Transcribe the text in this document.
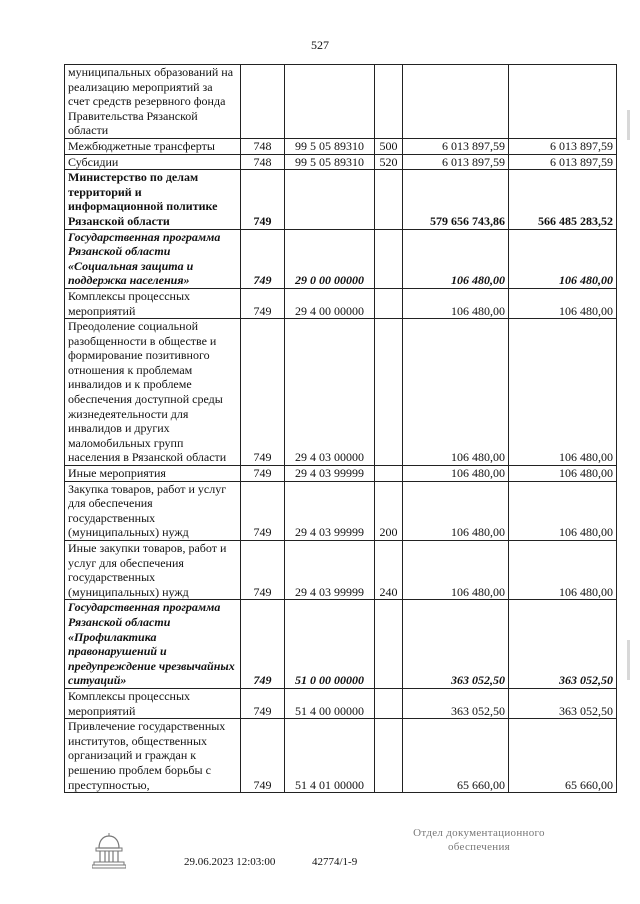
527
муниципальных образований на реализацию мероприятий за счет средств резервного фонда Правительства Рязанской области					
Межбюджетные трансферты	748	99 5 05 89310	500	6 013 897,59	6 013 897,59
Субсидии	748	99 5 05 89310	520	6 013 897,59	6 013 897,59
Министерство по делам территорий и информационной политике Рязанской области	749			579 656 743,86	566 485 283,52
Государственная программа Рязанской области «Социальная защита и поддержка населения»	749	29 0 00 00000		106 480,00	106 480,00
Комплексы процессных мероприятий	749	29 4 00 00000		106 480,00	106 480,00
Преодоление социальной разобщенности в обществе и формирование позитивного отношения к проблемам инвалидов и к проблеме обеспечения доступной среды жизнедеятельности для инвалидов и других маломобильных групп населения в Рязанской области	749	29 4 03 00000		106 480,00	106 480,00
Иные мероприятия	749	29 4 03 99999		106 480,00	106 480,00
Закупка товаров, работ и услуг для обеспечения государственных (муниципальных) нужд	749	29 4 03 99999	200	106 480,00	106 480,00
Иные закупки товаров, работ и услуг для обеспечения государственных (муниципальных) нужд	749	29 4 03 99999	240	106 480,00	106 480,00
Государственная программа Рязанской области «Профилактика правонарушений и предупреждение чрезвычайных ситуаций»	749	51 0 00 00000		363 052,50	363 052,50
Комплексы процессных мероприятий	749	51 4 00 00000		363 052,50	363 052,50
Привлечение государственных институтов, общественных организаций и граждан к решению проблем борьбы с преступностью,	749	51 4 01 00000		65 660,00	65 660,00
29.06.2023 12:03:00	42774/1-9
Отдел документационного
обеспечения
